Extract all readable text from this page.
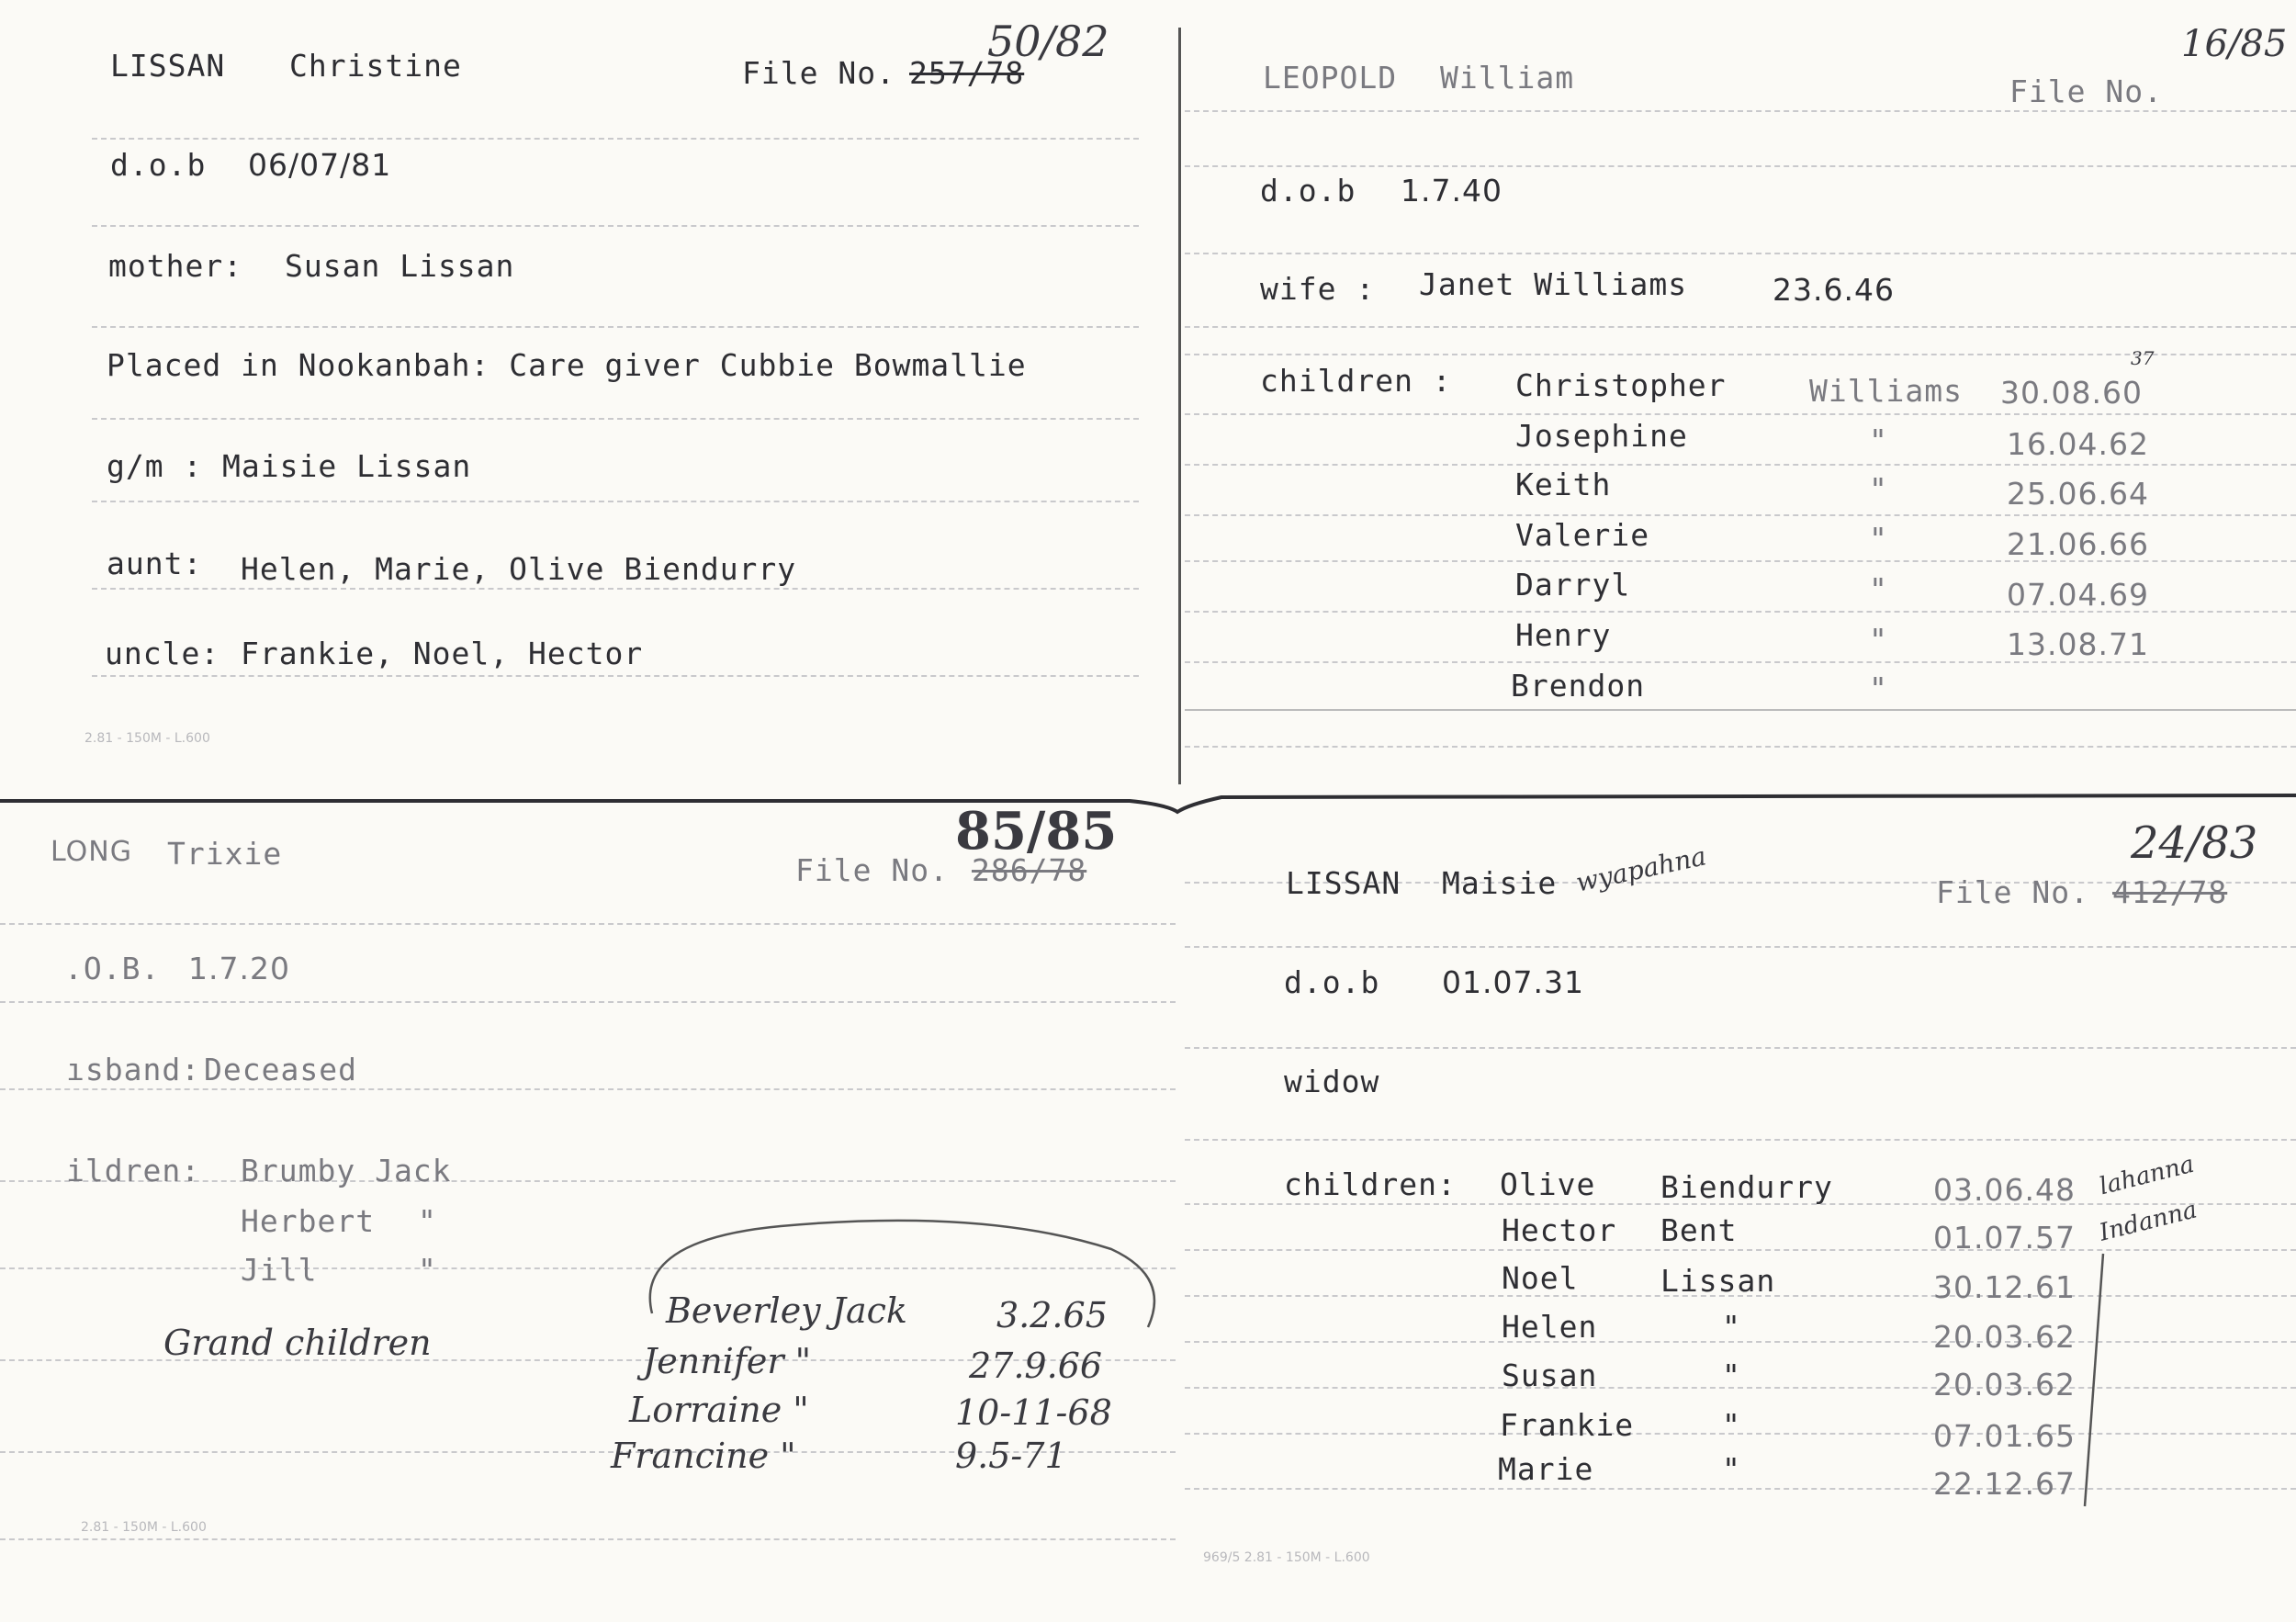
LISSAN Christine	File No. 257/78
50/82
d.o.b 06/07/81
mother: Susan Lissan
Placed in Nookanbah: Care giver Cubbie Bowmallie
g/m : Maisie Lissan
aunt: Helen, Marie, Olive Biendurry
uncle: Frankie, Noel, Hector
2.81 - 150M - L.600
LEOPOLD William	File No.
16/85
d.o.b 1.7.40
wife : Janet Williams	23.6.46
children : Christopher	Williams 30.08.60
37
Josephine	"	16.04.62
Keith	"	25.06.64
Valerie	"	21.06.66
Darryl	"	07.04.69
Henry	"	13.08.71
Brendon	"
LONG Trixie	File No. 286/78
85/85
.O.B. 1.7.20
ısband: Deceased
ildren: Brumby Jack
Herbert "
Jill	"
Grand children
Beverley Jack	3.2.65
Jennifer "	27.9.66
Lorraine "	10-11-68
Francine "	9.5-71
2.81 - 150M - L.600
LISSAN Maisie wyapahna	File No. 412/78
24/83
d.o.b 01.07.31
widow
children: Olive Biendurry	03.06.48 lahanna
Hector Bent	01.07.57 Indanna
Noel	Lissan	30.12.61
Helen	"	20.03.62
Susan	"	20.03.62
Frankie	"	07.01.65
Marie	"	22.12.67
969/5 2.81 - 150M - L.600
